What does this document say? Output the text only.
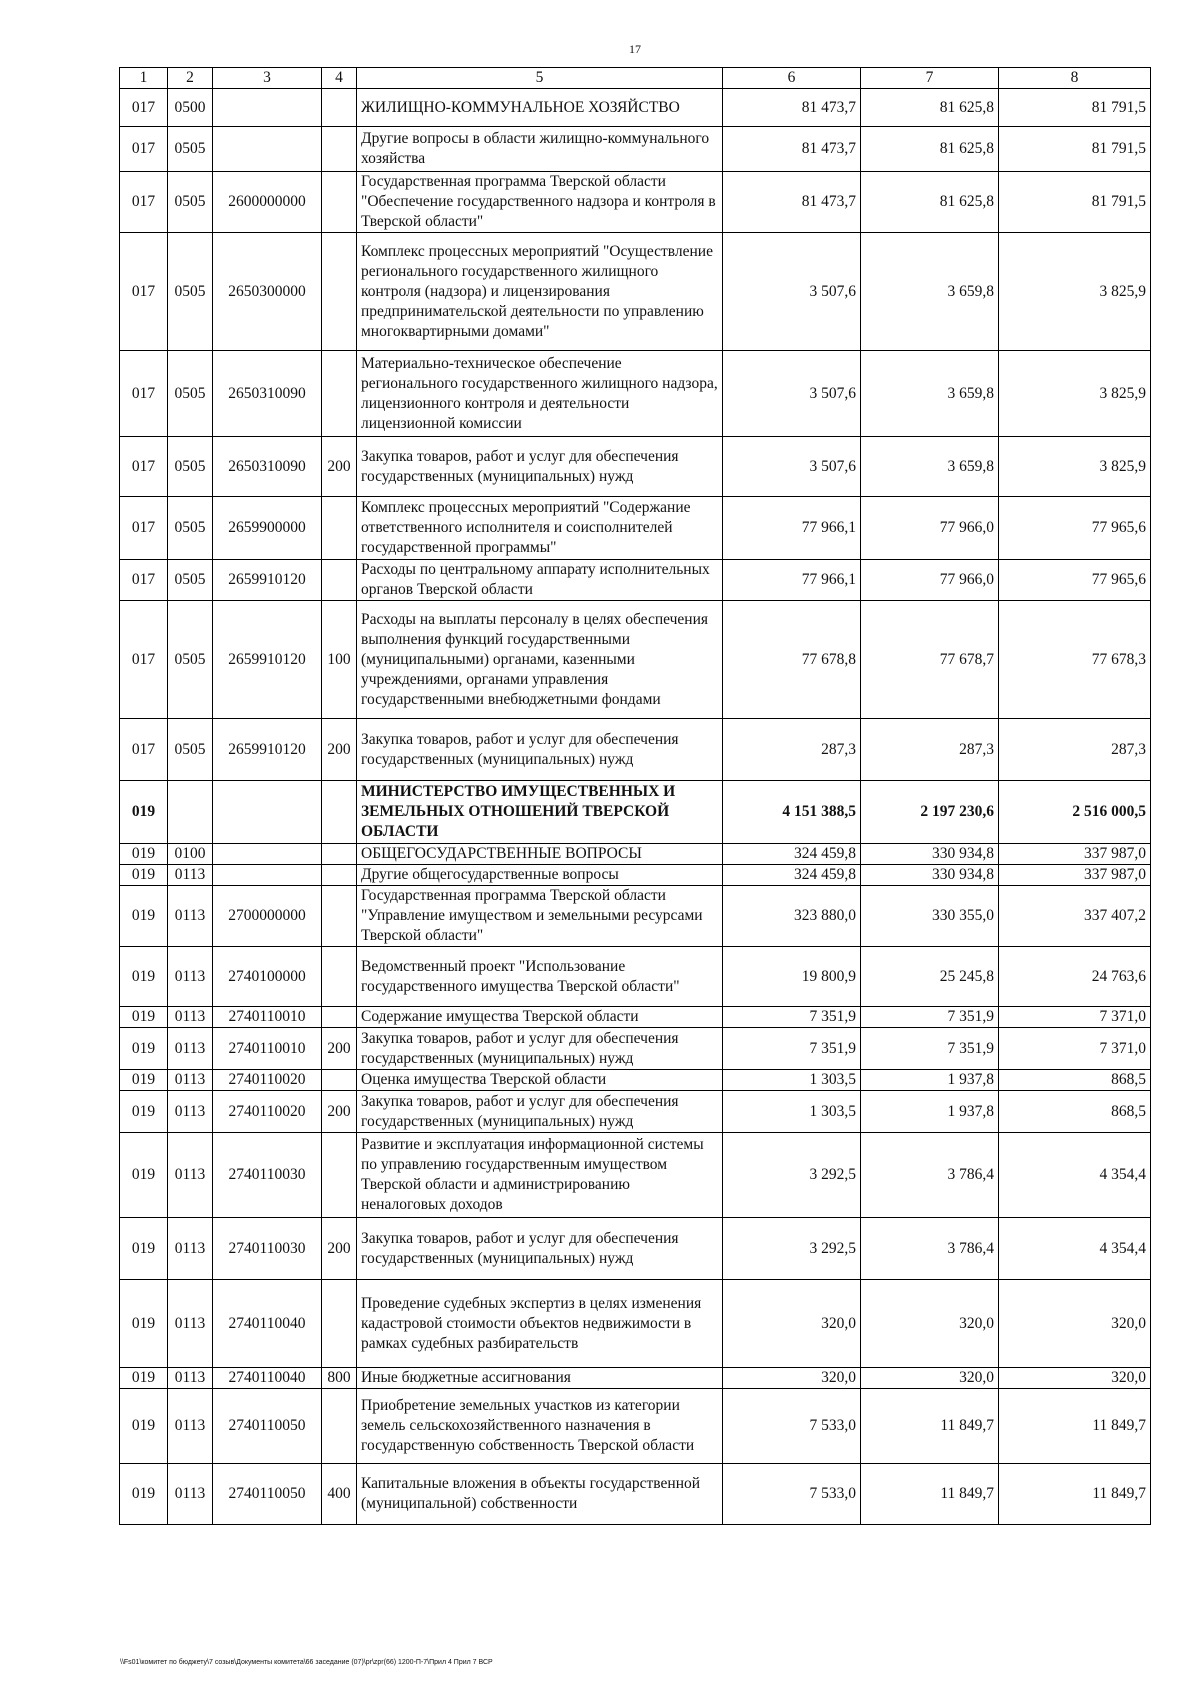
17
1	2	3	4	5	6	7	8
017	0500			ЖИЛИЩНО-КОММУНАЛЬНОЕ ХОЗЯЙСТВО	81 473,7	81 625,8	81 791,5
017	0505			Другие вопросы в области жилищно-коммунального хозяйства	81 473,7	81 625,8	81 791,5
017	0505	2600000000		Государственная программа Тверской области "Обеспечение государственного надзора и контроля в Тверской области"	81 473,7	81 625,8	81 791,5
017	0505	2650300000		Комплекс процессных мероприятий "Осуществление регионального государственного жилищного контроля (надзора) и лицензирования предпринимательской деятельности по управлению многоквартирными домами"	3 507,6	3 659,8	3 825,9
017	0505	2650310090		Материально-техническое обеспечение регионального государственного жилищного надзора, лицензионного контроля и деятельности лицензионной комиссии	3 507,6	3 659,8	3 825,9
017	0505	2650310090	200	Закупка товаров, работ и услуг для обеспечения государственных (муниципальных) нужд	3 507,6	3 659,8	3 825,9
017	0505	2659900000		Комплекс процессных мероприятий "Содержание ответственного исполнителя и соисполнителей государственной программы"	77 966,1	77 966,0	77 965,6
017	0505	2659910120		Расходы по центральному аппарату исполнительных органов Тверской области	77 966,1	77 966,0	77 965,6
017	0505	2659910120	100	Расходы на выплаты персоналу в целях обеспечения выполнения функций государственными (муниципальными) органами, казенными учреждениями, органами управления государственными внебюджетными фондами	77 678,8	77 678,7	77 678,3
017	0505	2659910120	200	Закупка товаров, работ и услуг для обеспечения государственных (муниципальных) нужд	287,3	287,3	287,3
019				МИНИСТЕРСТВО ИМУЩЕСТВЕННЫХ И ЗЕМЕЛЬНЫХ ОТНОШЕНИЙ ТВЕРСКОЙ ОБЛАСТИ	4 151 388,5	2 197 230,6	2 516 000,5
019	0100			ОБЩЕГОСУДАРСТВЕННЫЕ ВОПРОСЫ	324 459,8	330 934,8	337 987,0
019	0113			Другие общегосударственные вопросы	324 459,8	330 934,8	337 987,0
019	0113	2700000000		Государственная программа Тверской области "Управление имуществом и земельными ресурсами Тверской области"	323 880,0	330 355,0	337 407,2
019	0113	2740100000		Ведомственный проект "Использование государственного имущества Тверской области"	19 800,9	25 245,8	24 763,6
019	0113	2740110010		Содержание имущества Тверской области	7 351,9	7 351,9	7 371,0
019	0113	2740110010	200	Закупка товаров, работ и услуг для обеспечения государственных (муниципальных) нужд	7 351,9	7 351,9	7 371,0
019	0113	2740110020		Оценка имущества Тверской области	1 303,5	1 937,8	868,5
019	0113	2740110020	200	Закупка товаров, работ и услуг для обеспечения государственных (муниципальных) нужд	1 303,5	1 937,8	868,5
019	0113	2740110030		Развитие и эксплуатация информационной системы по управлению государственным имуществом Тверской области и администрированию неналоговых доходов	3 292,5	3 786,4	4 354,4
019	0113	2740110030	200	Закупка товаров, работ и услуг для обеспечения государственных (муниципальных) нужд	3 292,5	3 786,4	4 354,4
019	0113	2740110040		Проведение судебных экспертиз в целях изменения кадастровой стоимости объектов недвижимости в рамках судебных разбирательств	320,0	320,0	320,0
019	0113	2740110040	800	Иные бюджетные ассигнования	320,0	320,0	320,0
019	0113	2740110050		Приобретение земельных участков из категории земель сельскохозяйственного назначения в государственную собственность Тверской области	7 533,0	11 849,7	11 849,7
019	0113	2740110050	400	Капитальные вложения в объекты государственной (муниципальной) собственности	7 533,0	11 849,7	11 849,7
\\Fs01\комитет по бюджету\7 созыв\Документы комитета\66 заседание (07)\pr\zpr(66) 1200-П-7\Прил 4 Прил 7 ВСР
